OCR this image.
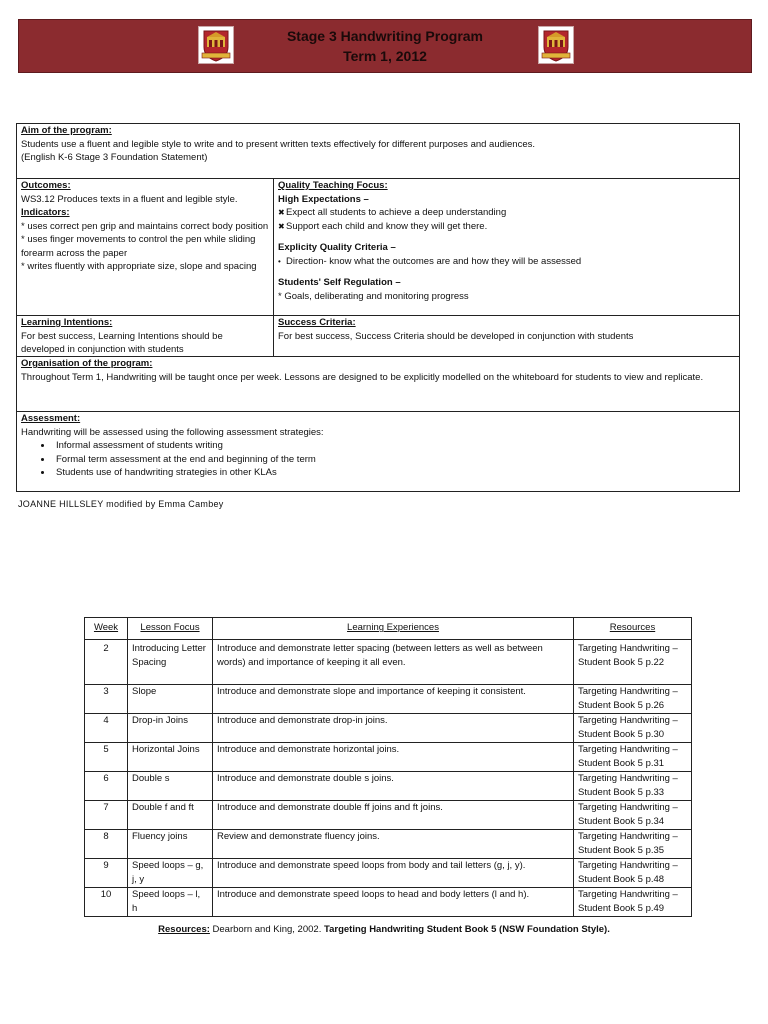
Stage 3 Handwriting Program
Term 1, 2012
Aim of the program:
Students use a fluent and legible style to write and to present written texts effectively for different purposes and audiences.
(English K-6 Stage 3 Foundation Statement)
Outcomes:
WS3.12 Produces texts in a fluent and legible style.
Indicators:
* uses correct pen grip and maintains correct body position
* uses finger movements to control the pen while sliding forearm across the paper
* writes fluently with appropriate size, slope and spacing
Quality Teaching Focus:
High Expectations –
✖ Expect all students to achieve a deep understanding
✖ Support each child and know they will get there.
Explicity Quality Criteria –
• Direction- know what the outcomes are and how they will be assessed
Students' Self Regulation –
* Goals, deliberating and monitoring progress
Learning Intentions:
For best success, Learning Intentions should be developed in conjunction with students
Success Criteria:
For best success, Success Criteria should be developed in conjunction with students
Organisation of the program:
Throughout Term 1, Handwriting will be taught once per week. Lessons are designed to be explicitly modelled on the whiteboard for students to view and replicate.
Assessment:
Handwriting will be assessed using the following assessment strategies:
• Informal assessment of students writing
• Formal term assessment at the end and beginning of the term
• Students use of handwriting strategies in other KLAs
JOANNE HILLSLEY modified by Emma Cambey
Week	Lesson Focus	Learning Experiences	Resources
2	Introducing Letter Spacing	Introduce and demonstrate letter spacing (between letters as well as between words) and importance of keeping it all even.	Targeting Handwriting – Student Book 5 p.22
3	Slope	Introduce and demonstrate slope and importance of keeping it consistent.	Targeting Handwriting – Student Book 5 p.26
4	Drop-in Joins	Introduce and demonstrate drop-in joins.	Targeting Handwriting – Student Book 5 p.30
5	Horizontal Joins	Introduce and demonstrate horizontal joins.	Targeting Handwriting – Student Book 5 p.31
6	Double s	Introduce and demonstrate double s joins.	Targeting Handwriting – Student Book 5 p.33
7	Double f and ft	Introduce and demonstrate double ff joins and ft joins.	Targeting Handwriting – Student Book 5 p.34
8	Fluency joins	Review and demonstrate fluency joins.	Targeting Handwriting – Student Book 5 p.35
9	Speed loops – g, j, y	Introduce and demonstrate speed loops from body and tail letters (g, j, y).	Targeting Handwriting – Student Book 5 p.48
10	Speed loops – l, h	Introduce and demonstrate speed loops to head and body letters (l and h).	Targeting Handwriting – Student Book 5 p.49
Resources: Dearborn and King, 2002. Targeting Handwriting Student Book 5 (NSW Foundation Style).
